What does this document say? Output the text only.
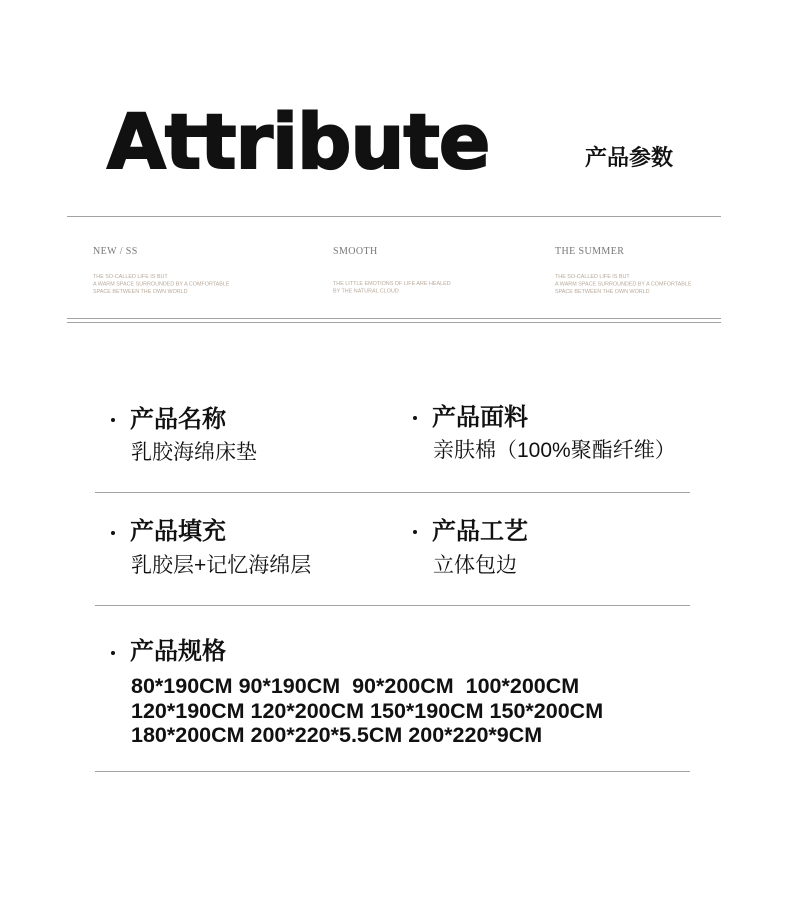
Attribute	产品参数
NEW / SS
THE SO-CALLED LIFE IS BUT
A WARM SPACE SURROUNDED BY A COMFORTABLE
SPACE BETWEEN THE OWN WORLD
SMOOTH
THE LITTLE EMOTIONS OF LIFE ARE HEALED
BY THE NATURAL CLOUD
THE SUMMER
THE SO-CALLED LIFE IS BUT
A WARM SPACE SURROUNDED BY A COMFORTABLE
SPACE BETWEEN THE OWN WORLD
产品名称
乳胶海绵床垫
产品面料
亲肤棉（100%聚酯纤维）
产品填充
乳胶层+记忆海绵层
产品工艺
立体包边
产品规格
80*190CM 90*190CM  90*200CM  100*200CM
120*190CM 120*200CM 150*190CM 150*200CM
180*200CM 200*220*5.5CM 200*220*9CM
